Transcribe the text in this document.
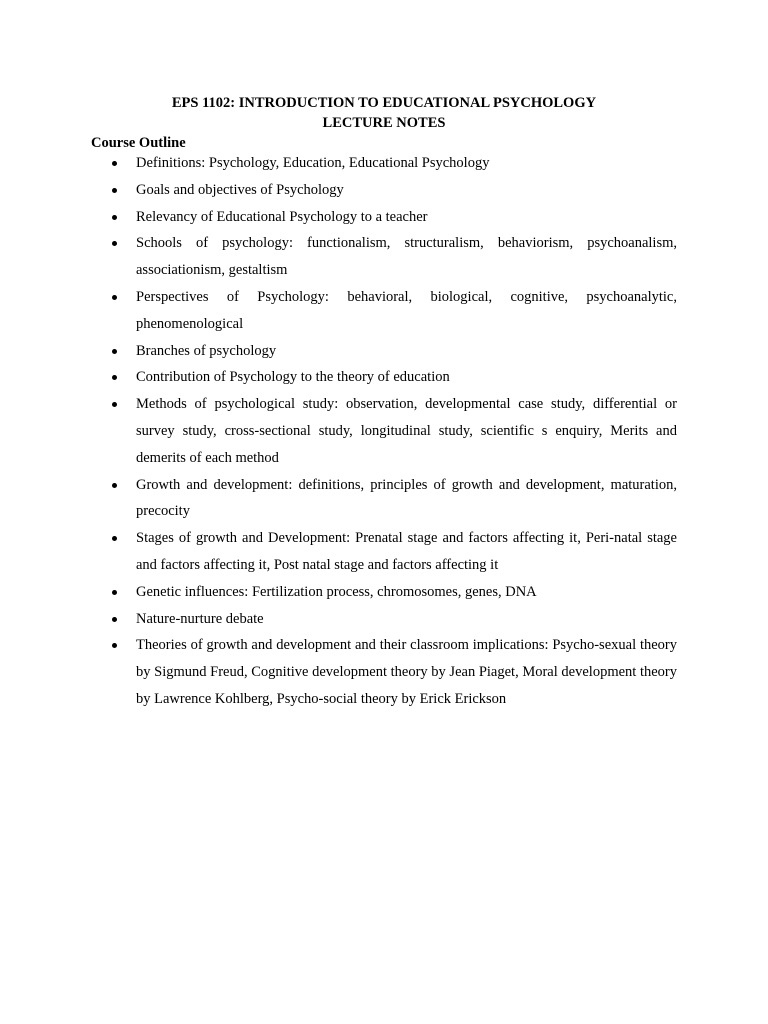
EPS 1102: INTRODUCTION TO EDUCATIONAL PSYCHOLOGY
LECTURE NOTES
Course Outline
Definitions: Psychology, Education, Educational Psychology
Goals and objectives of Psychology
Relevancy of Educational Psychology to a teacher
Schools of psychology: functionalism, structuralism, behaviorism, psychoanalism, associationism, gestaltism
Perspectives of Psychology: behavioral, biological, cognitive, psychoanalytic, phenomenological
Branches of psychology
Contribution of Psychology to the theory of education
Methods of psychological study: observation, developmental case study, differential or survey study, cross-sectional study, longitudinal study, scientific s enquiry, Merits and demerits of each method
Growth and development: definitions, principles of growth and development, maturation, precocity
Stages of growth and Development: Prenatal stage and factors affecting it, Peri-natal stage and factors affecting it, Post natal stage and factors affecting it
Genetic influences: Fertilization process, chromosomes, genes, DNA
Nature-nurture debate
Theories of growth and development and their classroom implications: Psycho-sexual theory by Sigmund Freud, Cognitive development theory by Jean Piaget, Moral development theory by Lawrence Kohlberg, Psycho-social theory by Erick Erickson
